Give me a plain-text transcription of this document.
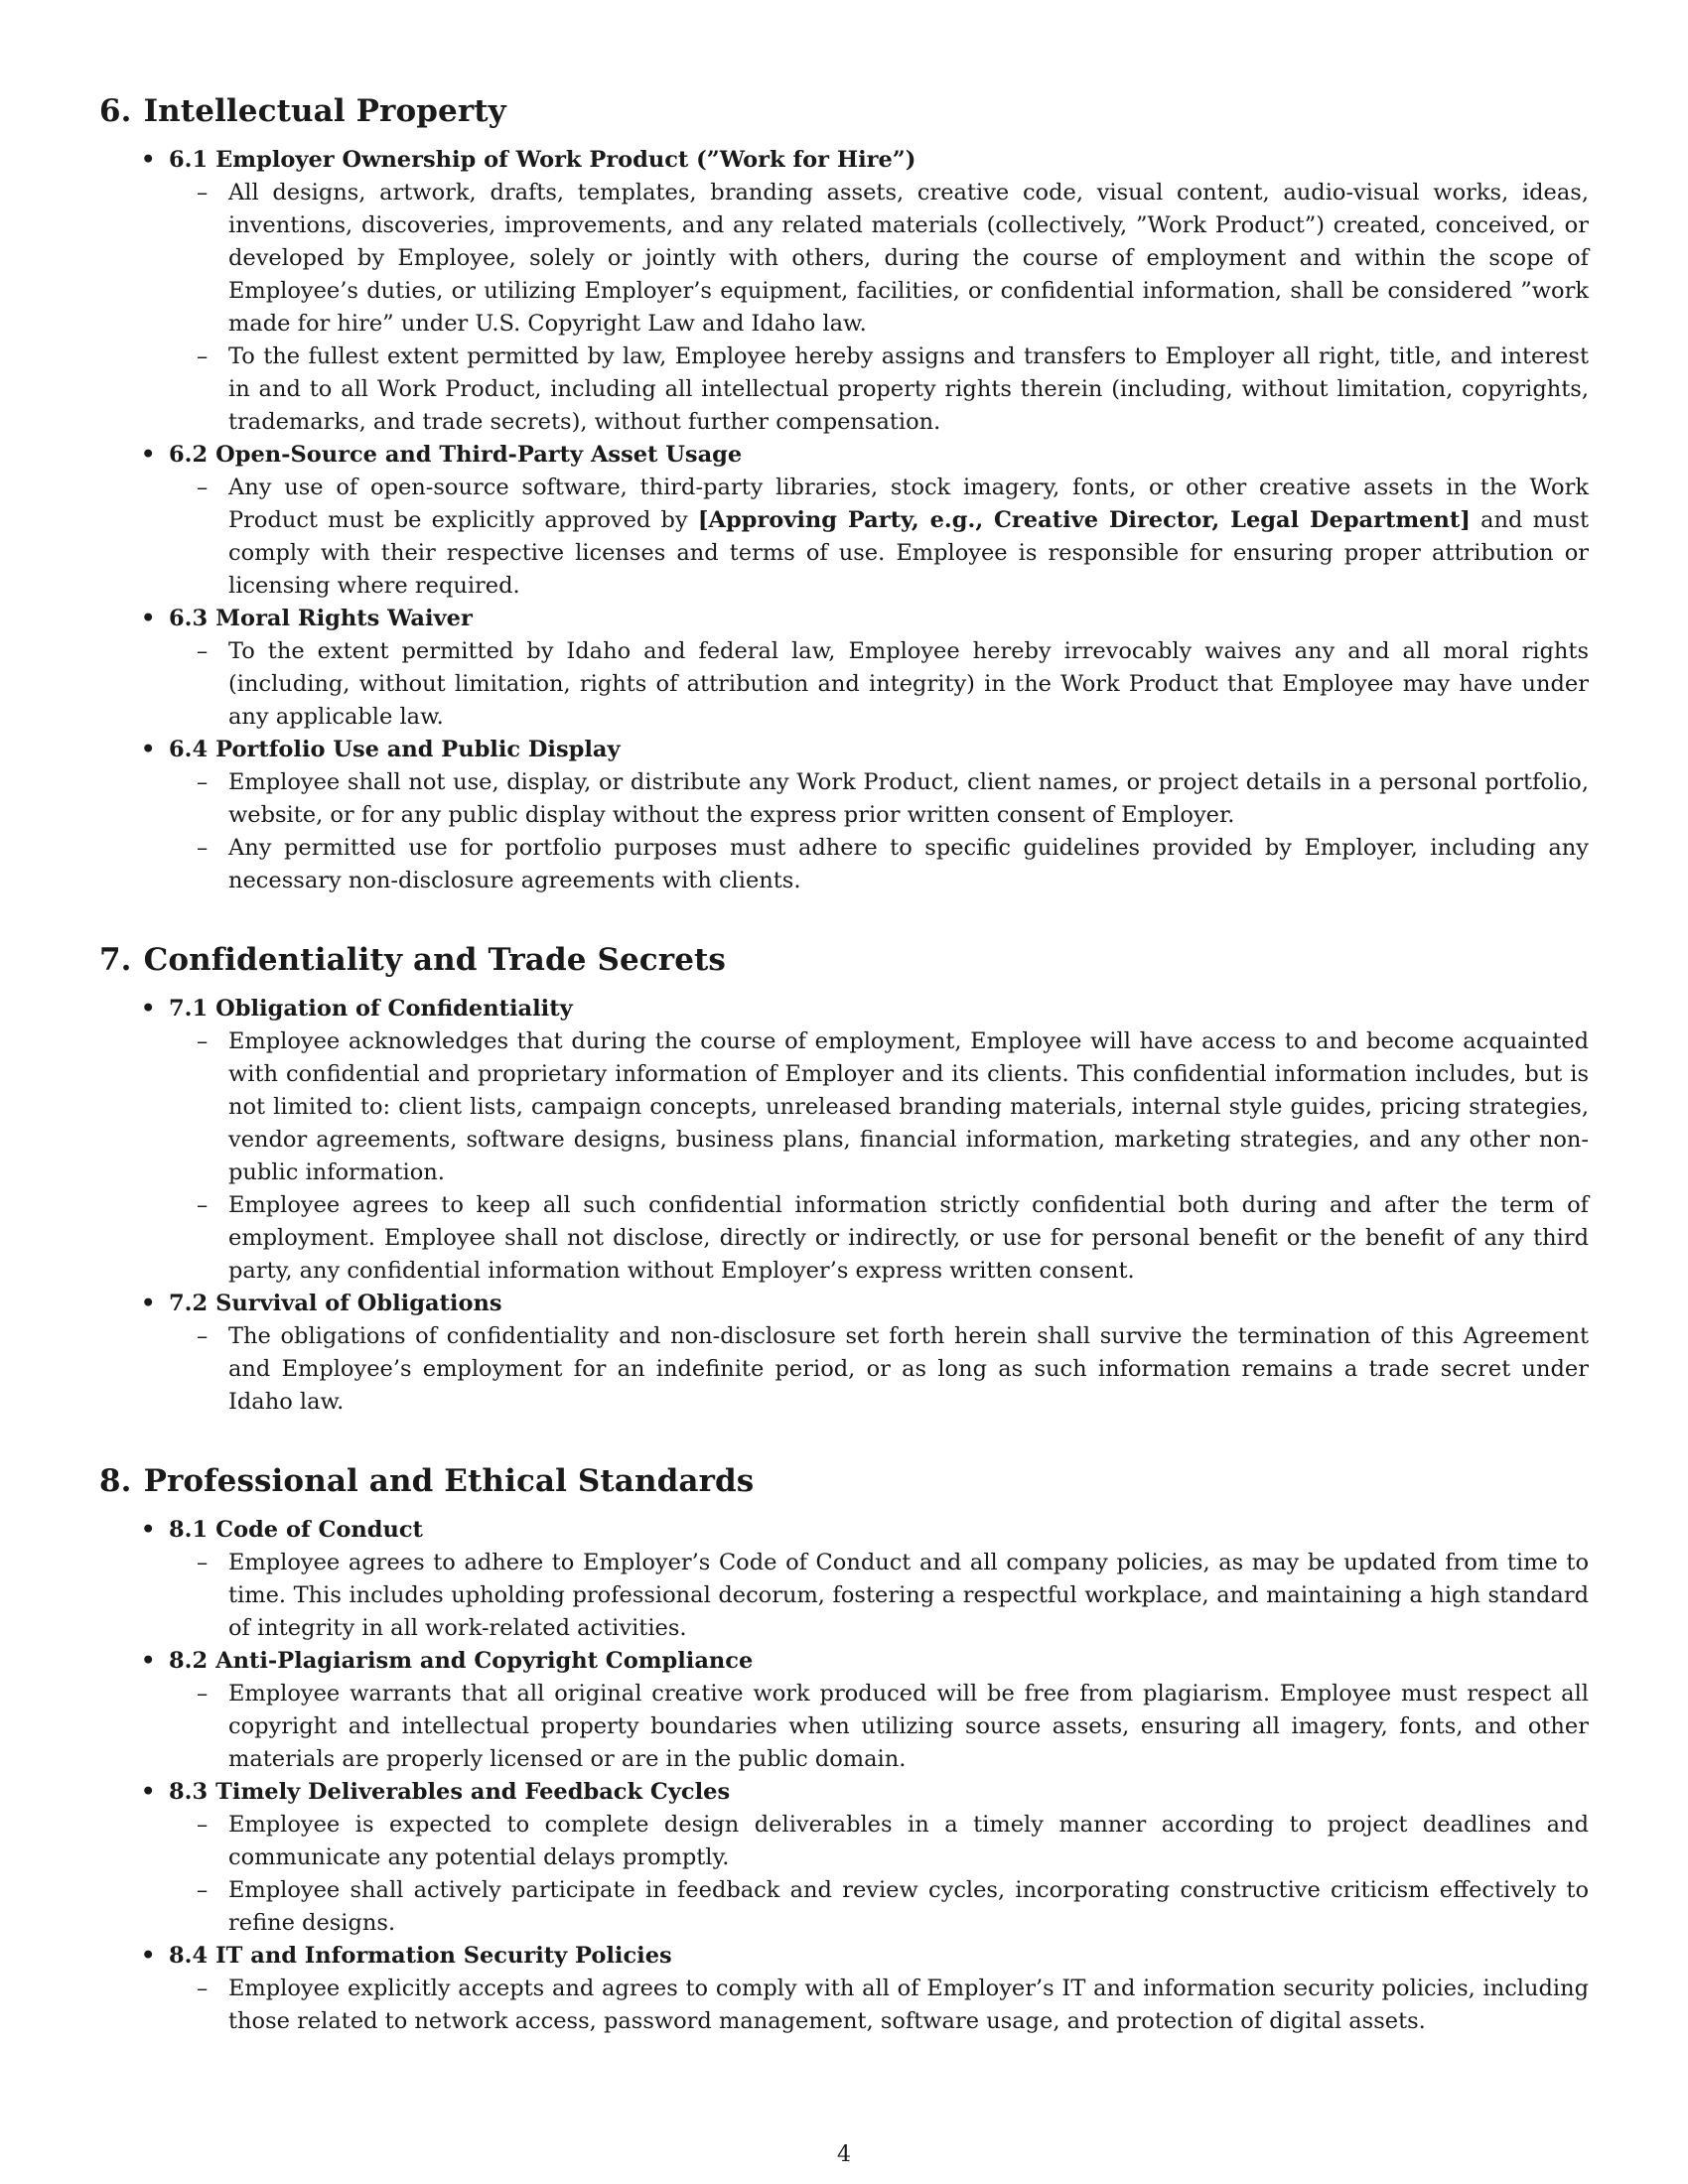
6. Intellectual Property
• 6.1 Employer Ownership of Work Product (”Work for Hire”)
– All designs, artwork, drafts, templates, branding assets, creative code, visual content, audio-visual works, ideas, inventions, discoveries, improvements, and any related materials (collectively, ”Work Product”) created, conceived, or developed by Employee, solely or jointly with others, during the course of employment and within the scope of Employee’s duties, or utilizing Employer’s equipment, facilities, or confidential information, shall be considered ”work made for hire” under U.S. Copyright Law and Idaho law.
– To the fullest extent permitted by law, Employee hereby assigns and transfers to Employer all right, title, and interest in and to all Work Product, including all intellectual property rights therein (including, without limitation, copyrights, trademarks, and trade secrets), without further compensation.
• 6.2 Open-Source and Third-Party Asset Usage
– Any use of open-source software, third-party libraries, stock imagery, fonts, or other creative assets in the Work Product must be explicitly approved by [Approving Party, e.g., Creative Director, Legal Department] and must comply with their respective licenses and terms of use. Employee is responsible for ensuring proper attribution or licensing where required.
• 6.3 Moral Rights Waiver
– To the extent permitted by Idaho and federal law, Employee hereby irrevocably waives any and all moral rights (including, without limitation, rights of attribution and integrity) in the Work Product that Employee may have under any applicable law.
• 6.4 Portfolio Use and Public Display
– Employee shall not use, display, or distribute any Work Product, client names, or project details in a personal portfolio, website, or for any public display without the express prior written consent of Employer.
– Any permitted use for portfolio purposes must adhere to specific guidelines provided by Employer, including any necessary non-disclosure agreements with clients.
7. Confidentiality and Trade Secrets
• 7.1 Obligation of Confidentiality
– Employee acknowledges that during the course of employment, Employee will have access to and become acquainted with confidential and proprietary information of Employer and its clients. This confidential information includes, but is not limited to: client lists, campaign concepts, unreleased branding materials, internal style guides, pricing strategies, vendor agreements, software designs, business plans, financial information, marketing strategies, and any other non-public information.
– Employee agrees to keep all such confidential information strictly confidential both during and after the term of employment. Employee shall not disclose, directly or indirectly, or use for personal benefit or the benefit of any third party, any confidential information without Employer’s express written consent.
• 7.2 Survival of Obligations
– The obligations of confidentiality and non-disclosure set forth herein shall survive the termination of this Agreement and Employee’s employment for an indefinite period, or as long as such information remains a trade secret under Idaho law.
8. Professional and Ethical Standards
• 8.1 Code of Conduct
– Employee agrees to adhere to Employer’s Code of Conduct and all company policies, as may be updated from time to time. This includes upholding professional decorum, fostering a respectful workplace, and maintaining a high standard of integrity in all work-related activities.
• 8.2 Anti-Plagiarism and Copyright Compliance
– Employee warrants that all original creative work produced will be free from plagiarism. Employee must respect all copyright and intellectual property boundaries when utilizing source assets, ensuring all imagery, fonts, and other materials are properly licensed or are in the public domain.
• 8.3 Timely Deliverables and Feedback Cycles
– Employee is expected to complete design deliverables in a timely manner according to project deadlines and communicate any potential delays promptly.
– Employee shall actively participate in feedback and review cycles, incorporating constructive criticism effectively to refine designs.
• 8.4 IT and Information Security Policies
– Employee explicitly accepts and agrees to comply with all of Employer’s IT and information security policies, including those related to network access, password management, software usage, and protection of digital assets.
4
